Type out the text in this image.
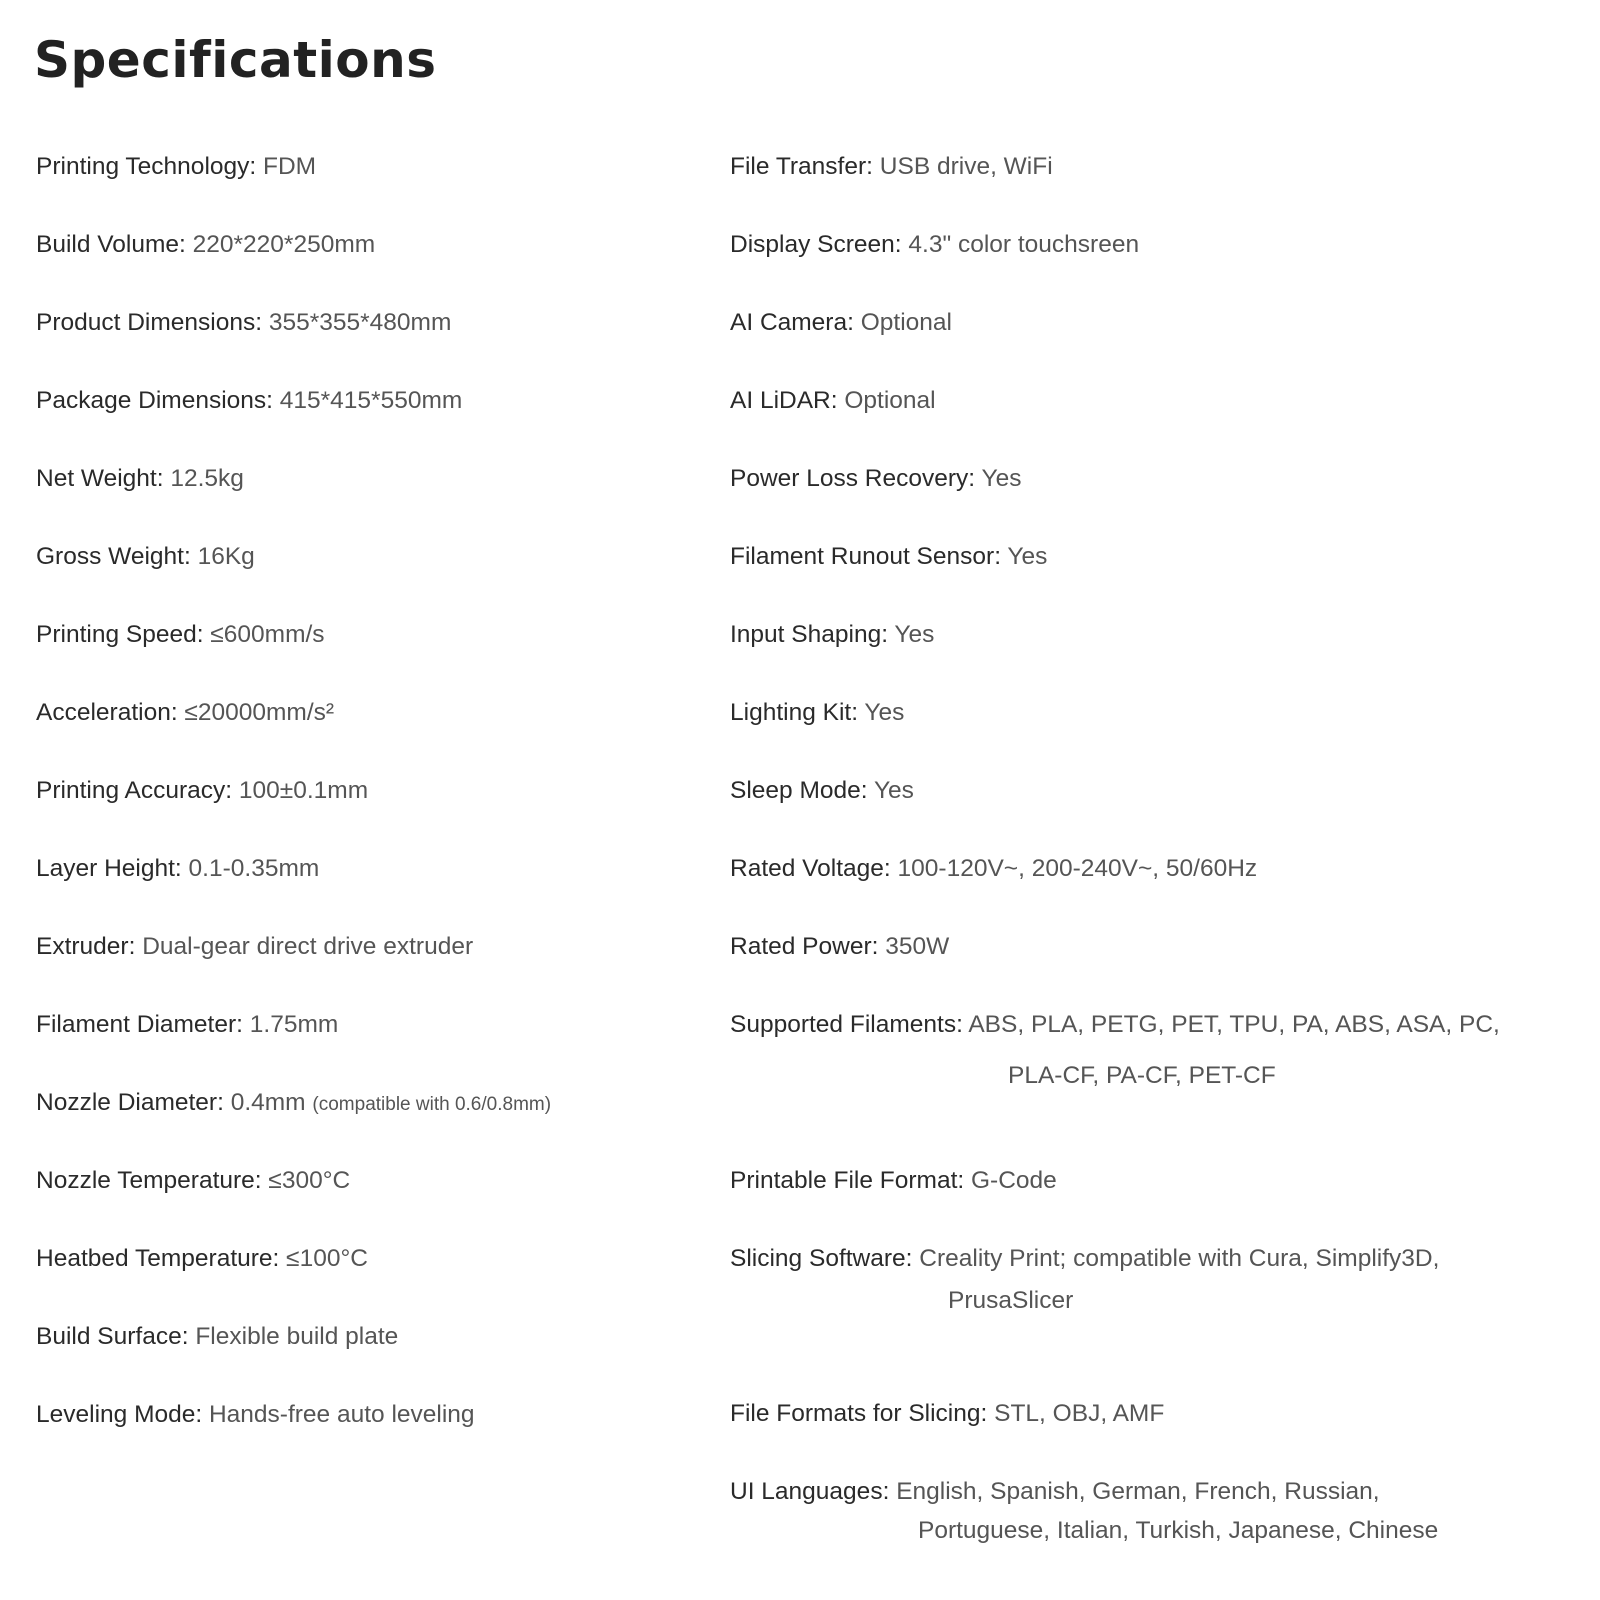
Specifications
Printing Technology: FDM
Build Volume: 220*220*250mm
Product Dimensions: 355*355*480mm
Package Dimensions: 415*415*550mm
Net Weight: 12.5kg
Gross Weight: 16Kg
Printing Speed: ≤600mm/s
Acceleration: ≤20000mm/s²
Printing Accuracy: 100±0.1mm
Layer Height: 0.1-0.35mm
Extruder: Dual-gear direct drive extruder
Filament Diameter: 1.75mm
Nozzle Diameter: 0.4mm (compatible with 0.6/0.8mm)
Nozzle Temperature: ≤300°C
Heatbed Temperature: ≤100°C
Build Surface: Flexible build plate
Leveling Mode: Hands-free auto leveling
File Transfer: USB drive, WiFi
Display Screen: 4.3" color touchsreen
AI Camera: Optional
AI LiDAR: Optional
Power Loss Recovery: Yes
Filament Runout Sensor: Yes
Input Shaping: Yes
Lighting Kit: Yes
Sleep Mode: Yes
Rated Voltage: 100-120V~, 200-240V~, 50/60Hz
Rated Power: 350W
Supported Filaments: ABS, PLA, PETG, PET, TPU, PA, ABS, ASA, PC,
PLA-CF, PA-CF, PET-CF
Printable File Format: G-Code
Slicing Software: Creality Print; compatible with Cura, Simplify3D,
PrusaSlicer
File Formats for Slicing: STL, OBJ, AMF
UI Languages: English, Spanish, German, French, Russian,
Portuguese, Italian, Turkish, Japanese, Chinese
